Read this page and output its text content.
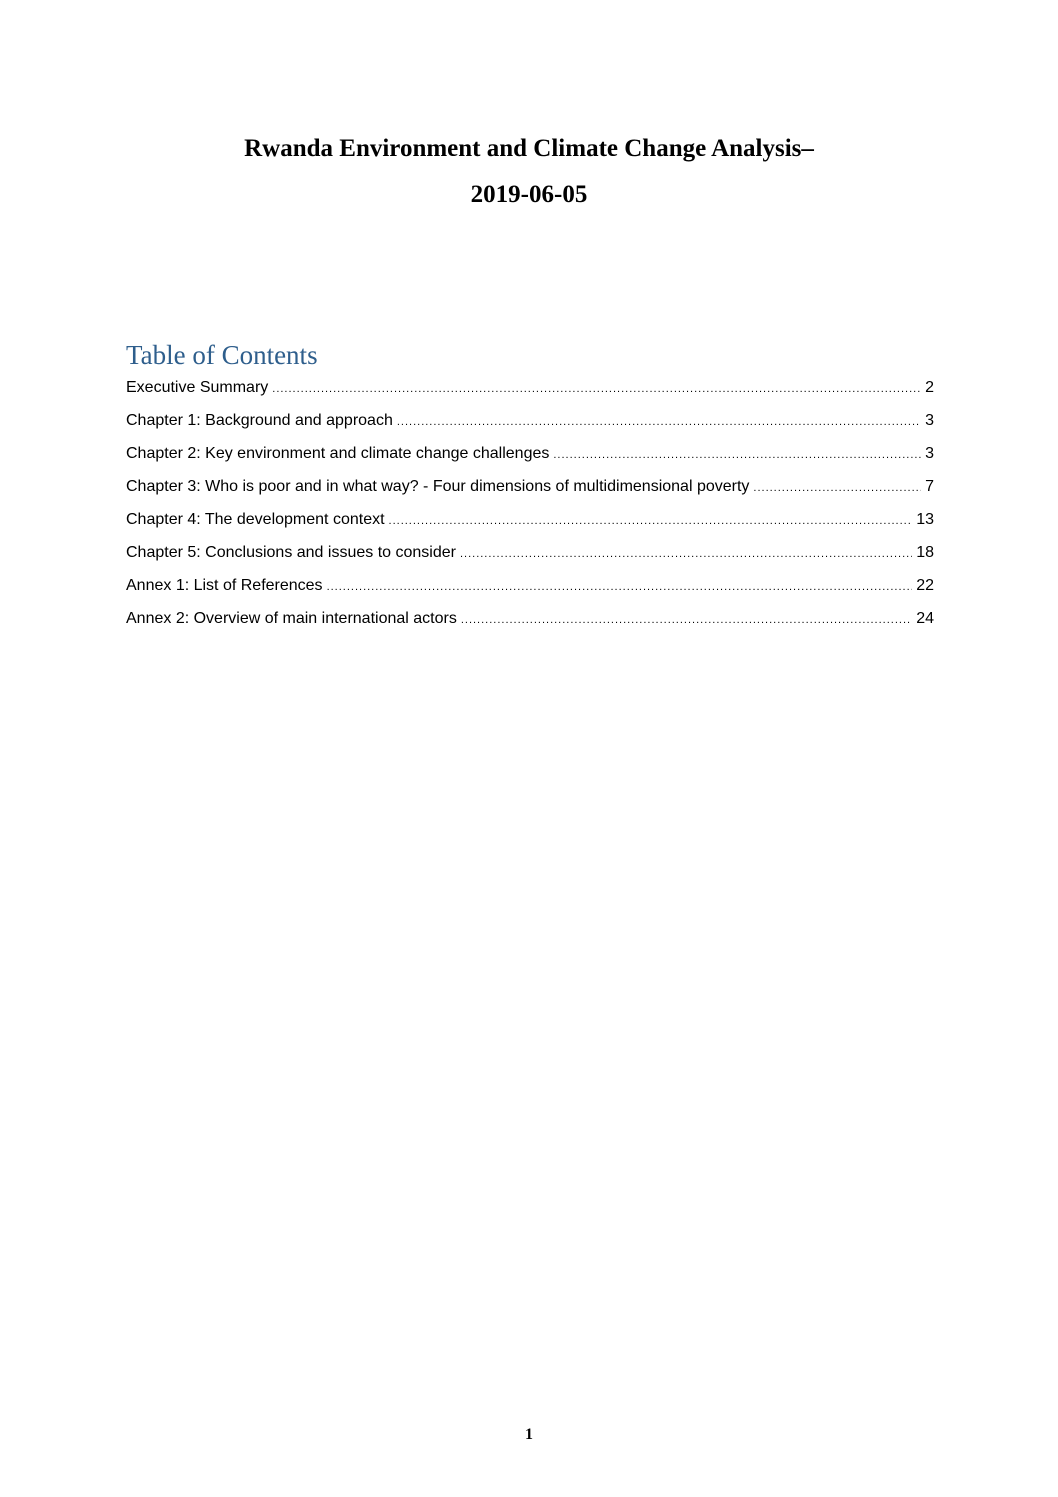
Rwanda Environment and Climate Change Analysis–

2019-06-05

Table of Contents
Executive Summary .....	2
Chapter 1: Background and approach .....	3
Chapter 2: Key environment and climate change challenges .....	3
Chapter 3: Who is poor and in what way? - Four dimensions of multidimensional poverty .....	7
Chapter 4: The development context .....	13
Chapter 5: Conclusions and issues to consider .....	18
Annex 1: List of References .....	22
Annex 2: Overview of main international actors .....	24
1
